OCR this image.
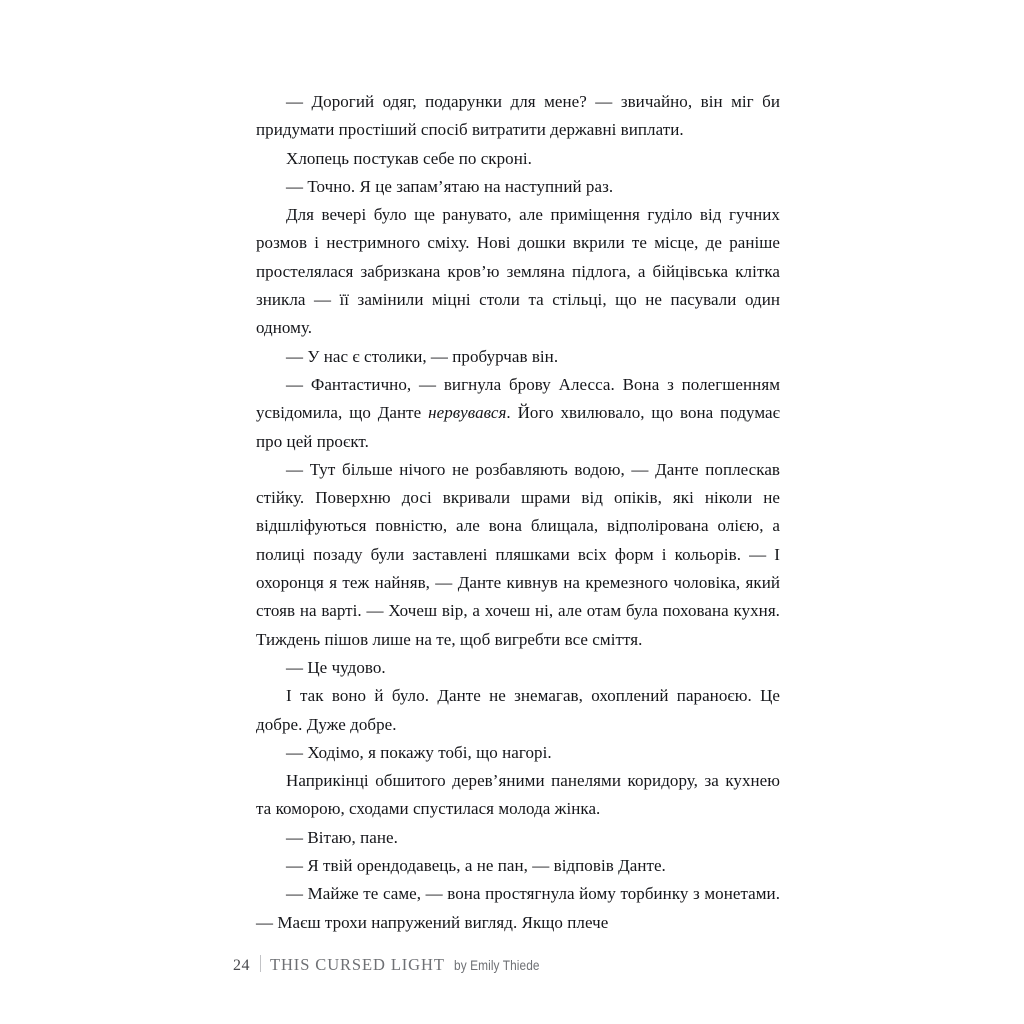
— Дорогий одяг, подарунки для мене? — звичайно, він міг би придумати простіший спосіб витратити державні виплати.

Хлопець постукав себе по скроні.

— Точно. Я це запам’ятаю на наступний раз.

Для вечері було ще рануватo, але приміщення гуділо від гучних розмов і нестримного сміху. Нові дошки вкрили те місце, де раніше простелялася забризкана кров’ю земляна підлога, а бійцівська клітка зникла — її замінили міцні столи та стільці, що не пасували один одному.

— У нас є столики, — пробурчав він.

— Фантастично, — вигнула брову Алесса. Вона з полегшенням усвідомила, що Данте нервувався. Його хвилювало, що вона подумає про цей проєкт.

— Тут більше нічого не розбавляють водою, — Данте поплескав стійку. Поверхню досі вкривали шрами від опіків, які ніколи не відшліфуються повністю, але вона блищала, відполірована олією, а полиці позаду були заставлені пляшками всіх форм і кольорів. — І охоронця я теж найняв, — Данте кивнув на кремезного чоловіка, який стояв на варті. — Хочеш вір, а хочеш ні, але отам була похована кухня. Тиждень пішов лише на те, щоб вигребти все сміття.

— Це чудово.

І так воно й було. Данте не знемагав, охоплений параноєю. Це добре. Дуже добре.

— Ходімо, я покажу тобі, що нагорі.

Наприкінці обшитого дерев’яними панелями коридору, за кухнею та коморою, сходами спустилася молода жінка.

— Вітаю, пане.

— Я твій орендодавець, а не пан, — відповів Данте.

— Майже те саме, — вона простягнула йому торбинку з монетами. — Маєш трохи напружений вигляд. Якщо плече

24 THIS CURSED LIGHT by Emily Thiede
